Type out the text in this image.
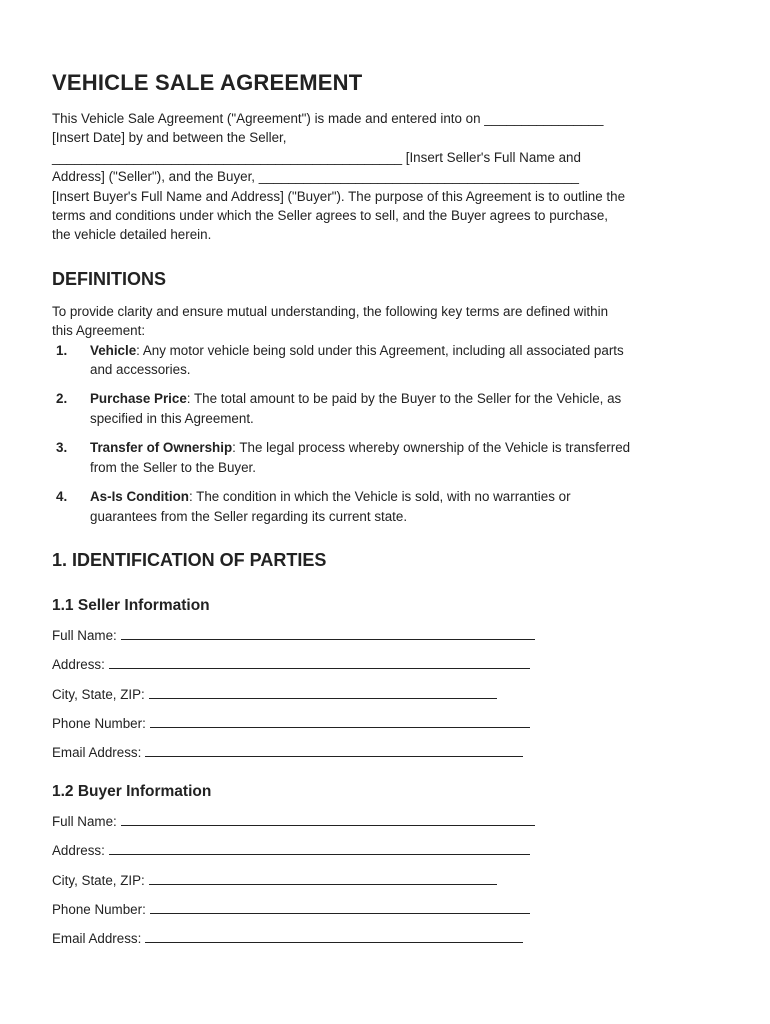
VEHICLE SALE AGREEMENT

This Vehicle Sale Agreement ("Agreement") is made and entered into on ________________
[Insert Date] by and between the Seller,
_______________________________________________ [Insert Seller's Full Name and
Address] ("Seller"), and the Buyer, ___________________________________________
[Insert Buyer's Full Name and Address] ("Buyer"). The purpose of this Agreement is to outline the
terms and conditions under which the Seller agrees to sell, and the Buyer agrees to purchase,
the vehicle detailed herein.

DEFINITIONS

To provide clarity and ensure mutual understanding, the following key terms are defined within
this Agreement:

1. Vehicle: Any motor vehicle being sold under this Agreement, including all associated parts
and accessories.
2. Purchase Price: The total amount to be paid by the Buyer to the Seller for the Vehicle, as
specified in this Agreement.
3. Transfer of Ownership: The legal process whereby ownership of the Vehicle is transferred
from the Seller to the Buyer.
4. As-Is Condition: The condition in which the Vehicle is sold, with no warranties or
guarantees from the Seller regarding its current state.
1. IDENTIFICATION OF PARTIES
1.1 Seller Information
Full Name:
Address:
City, State, ZIP:
Phone Number:
Email Address:
1.2 Buyer Information
Full Name:
Address:
City, State, ZIP:
Phone Number:
Email Address:
